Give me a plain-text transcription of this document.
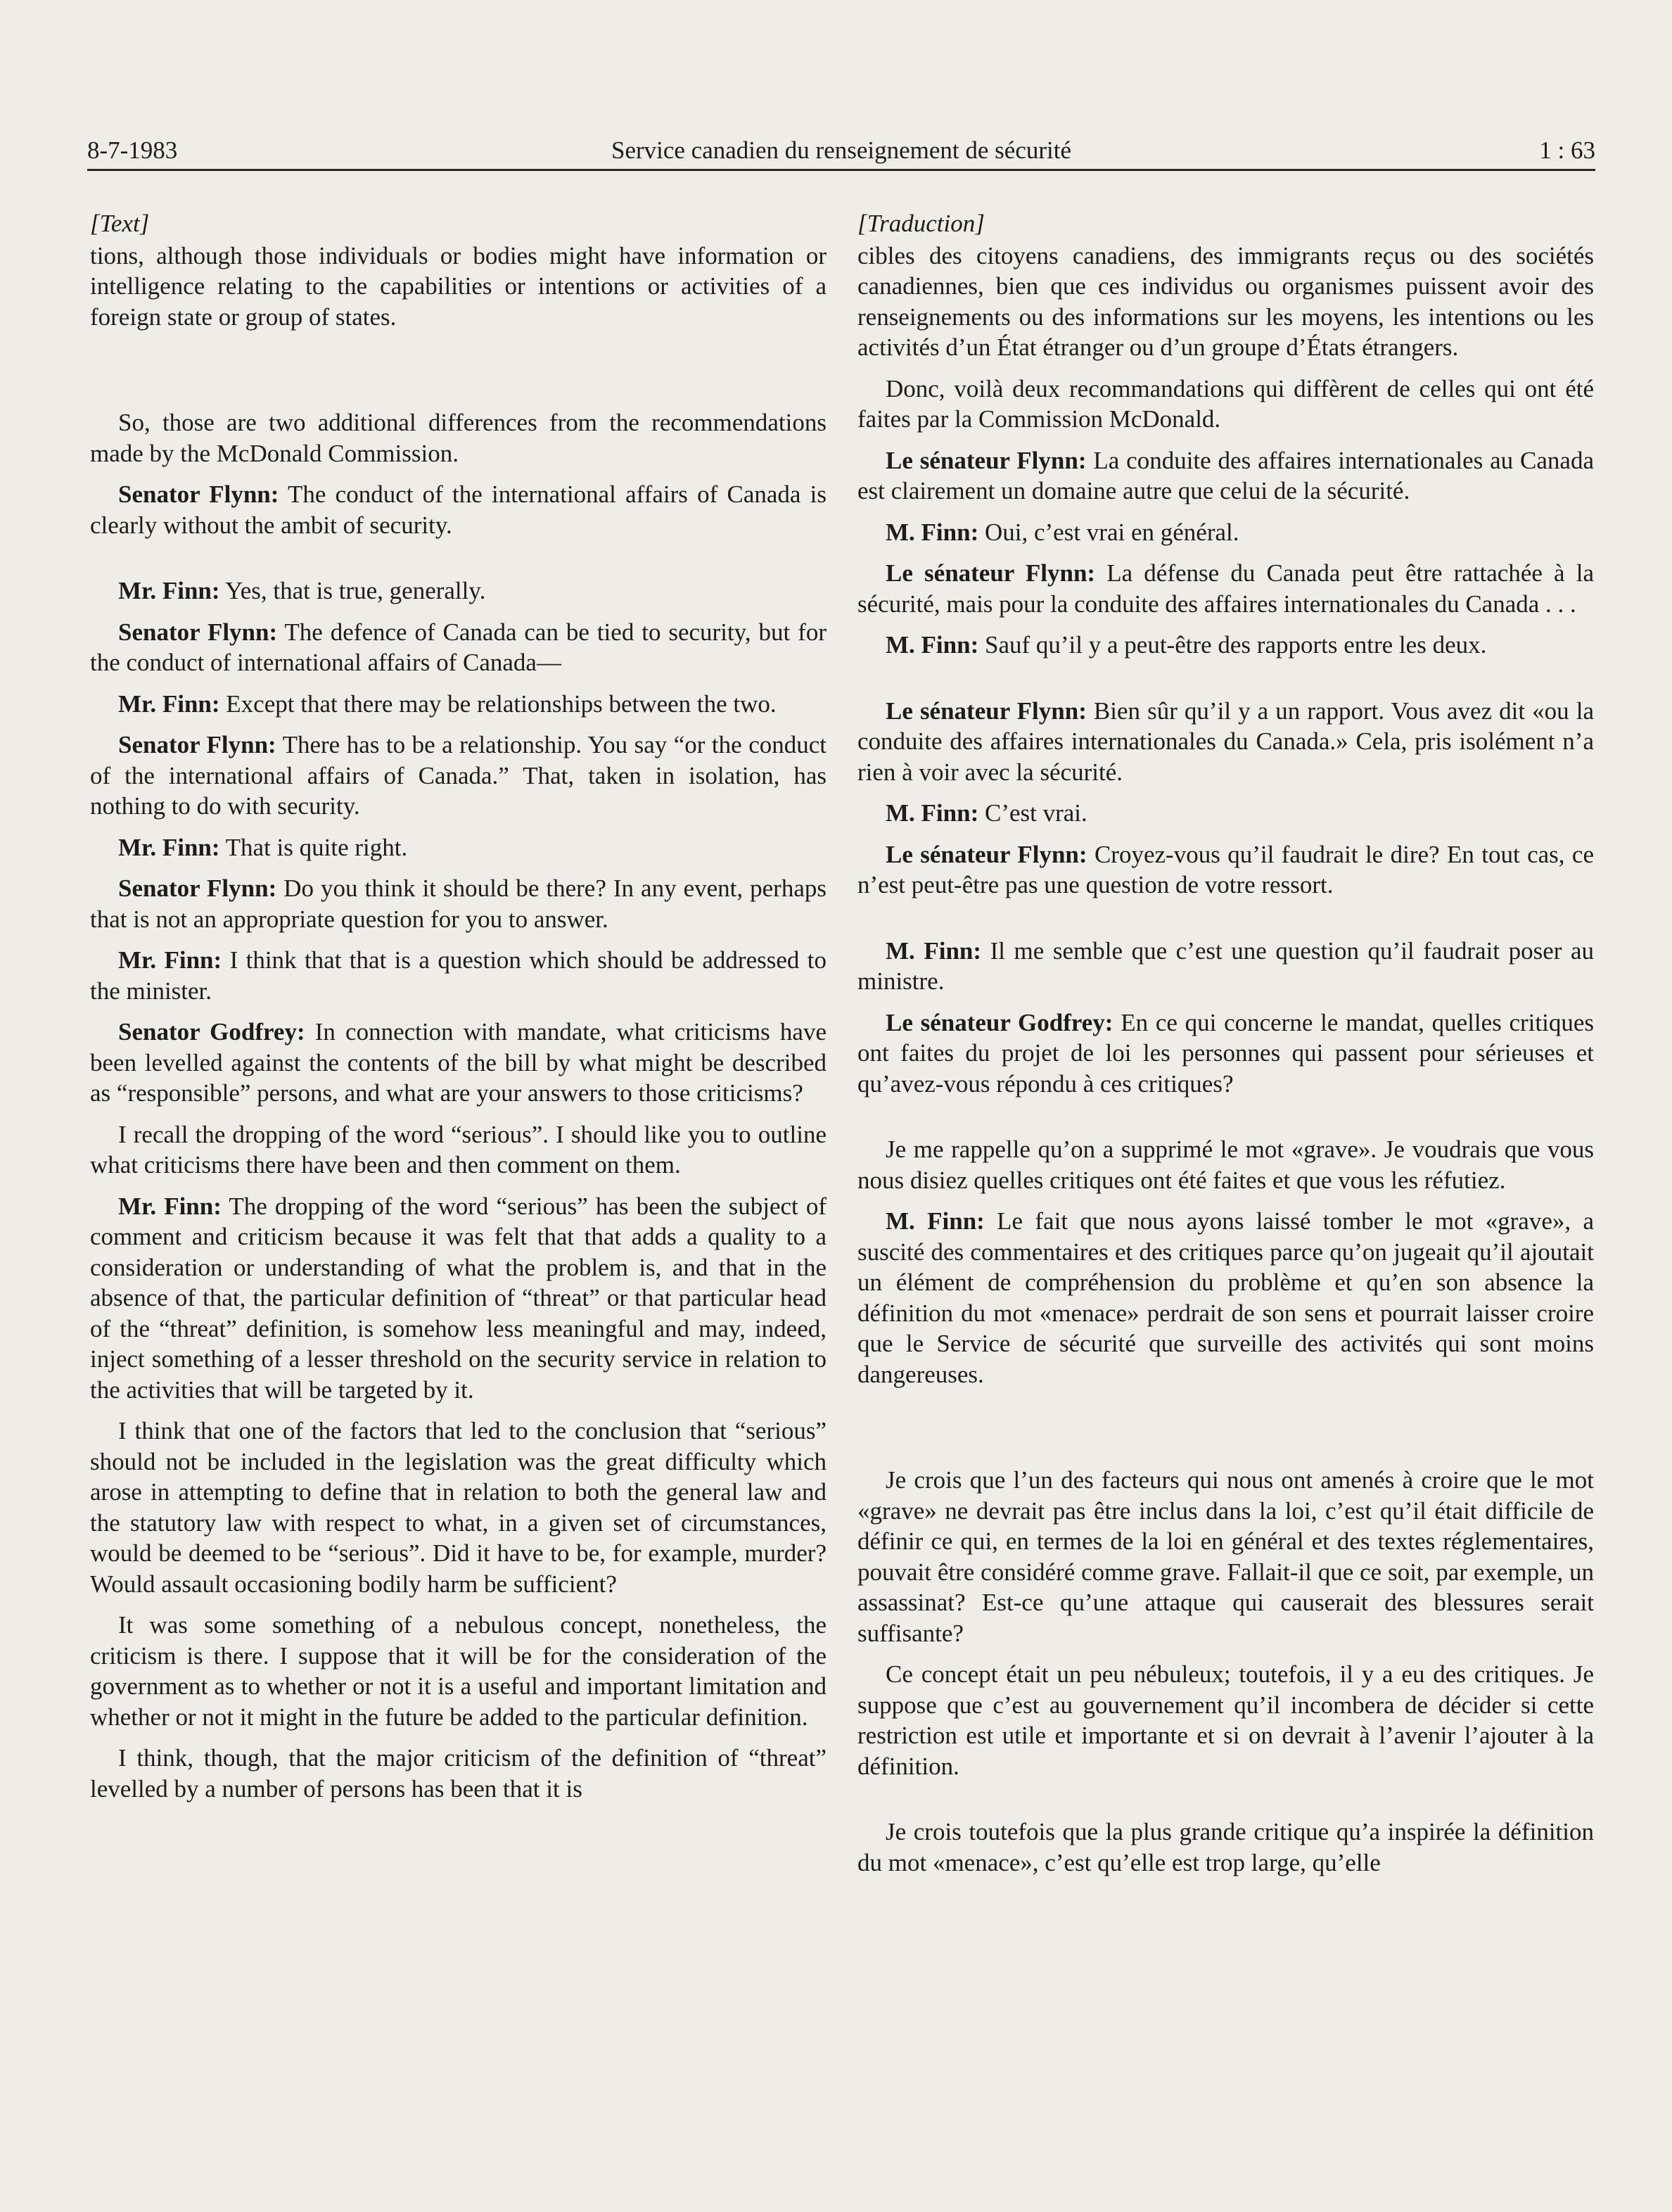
8-7-1983	Service canadien du renseignement de sécurité	1 : 63

[Text]

tions, although those individuals or bodies might have information or intelligence relating to the capabilities or intentions or activities of a foreign state or group of states.

So, those are two additional differences from the recommendations made by the McDonald Commission.

Senator Flynn: The conduct of the international affairs of Canada is clearly without the ambit of security.

Mr. Finn: Yes, that is true, generally.

Senator Flynn: The defence of Canada can be tied to security, but for the conduct of international affairs of Canada—

Mr. Finn: Except that there may be relationships between the two.

Senator Flynn: There has to be a relationship. You say “or the conduct of the international affairs of Canada.” That, taken in isolation, has nothing to do with security.

Mr. Finn: That is quite right.

Senator Flynn: Do you think it should be there? In any event, perhaps that is not an appropriate question for you to answer.

Mr. Finn: I think that that is a question which should be addressed to the minister.

Senator Godfrey: In connection with mandate, what criticisms have been levelled against the contents of the bill by what might be described as “responsible” persons, and what are your answers to those criticisms?

I recall the dropping of the word “serious”. I should like you to outline what criticisms there have been and then comment on them.

Mr. Finn: The dropping of the word “serious” has been the subject of comment and criticism because it was felt that that adds a quality to a consideration or understanding of what the problem is, and that in the absence of that, the particular definition of “threat” or that particular head of the “threat” definition, is somehow less meaningful and may, indeed, inject something of a lesser threshold on the security service in relation to the activities that will be targeted by it.

I think that one of the factors that led to the conclusion that “serious” should not be included in the legislation was the great difficulty which arose in attempting to define that in relation to both the general law and the statutory law with respect to what, in a given set of circumstances, would be deemed to be “serious”. Did it have to be, for example, murder? Would assault occasioning bodily harm be sufficient?

It was some something of a nebulous concept, nonetheless, the criticism is there. I suppose that it will be for the consideration of the government as to whether or not it is a useful and important limitation and whether or not it might in the future be added to the particular definition.

I think, though, that the major criticism of the definition of “threat” levelled by a number of persons has been that it is

[Traduction]

cibles des citoyens canadiens, des immigrants reçus ou des sociétés canadiennes, bien que ces individus ou organismes puissent avoir des renseignements ou des informations sur les moyens, les intentions ou les activités d’un État étranger ou d’un groupe d’États étrangers.

Donc, voilà deux recommandations qui diffèrent de celles qui ont été faites par la Commission McDonald.

Le sénateur Flynn: La conduite des affaires internationales au Canada est clairement un domaine autre que celui de la sécurité.

M. Finn: Oui, c’est vrai en général.

Le sénateur Flynn: La défense du Canada peut être rattachée à la sécurité, mais pour la conduite des affaires internationales du Canada . . .

M. Finn: Sauf qu’il y a peut-être des rapports entre les deux.

Le sénateur Flynn: Bien sûr qu’il y a un rapport. Vous avez dit «ou la conduite des affaires internationales du Canada.» Cela, pris isolément n’a rien à voir avec la sécurité.

M. Finn: C’est vrai.

Le sénateur Flynn: Croyez-vous qu’il faudrait le dire? En tout cas, ce n’est peut-être pas une question de votre ressort.

M. Finn: Il me semble que c’est une question qu’il faudrait poser au ministre.

Le sénateur Godfrey: En ce qui concerne le mandat, quelles critiques ont faites du projet de loi les personnes qui passent pour sérieuses et qu’avez-vous répondu à ces critiques?

Je me rappelle qu’on a supprimé le mot «grave». Je voudrais que vous nous disiez quelles critiques ont été faites et que vous les réfutiez.

M. Finn: Le fait que nous ayons laissé tomber le mot «grave», a suscité des commentaires et des critiques parce qu’on jugeait qu’il ajoutait un élément de compréhension du problème et qu’en son absence la définition du mot «menace» perdrait de son sens et pourrait laisser croire que le Service de sécurité que surveille des activités qui sont moins dangereuses.

Je crois que l’un des facteurs qui nous ont amenés à croire que le mot «grave» ne devrait pas être inclus dans la loi, c’est qu’il était difficile de définir ce qui, en termes de la loi en général et des textes réglementaires, pouvait être considéré comme grave. Fallait-il que ce soit, par exemple, un assassinat? Est-ce qu’une attaque qui causerait des blessures serait suffisante?

Ce concept était un peu nébuleux; toutefois, il y a eu des critiques. Je suppose que c’est au gouvernement qu’il incombera de décider si cette restriction est utile et importante et si on devrait à l’avenir l’ajouter à la définition.

Je crois toutefois que la plus grande critique qu’a inspirée la définition du mot «menace», c’est qu’elle est trop large, qu’elle
